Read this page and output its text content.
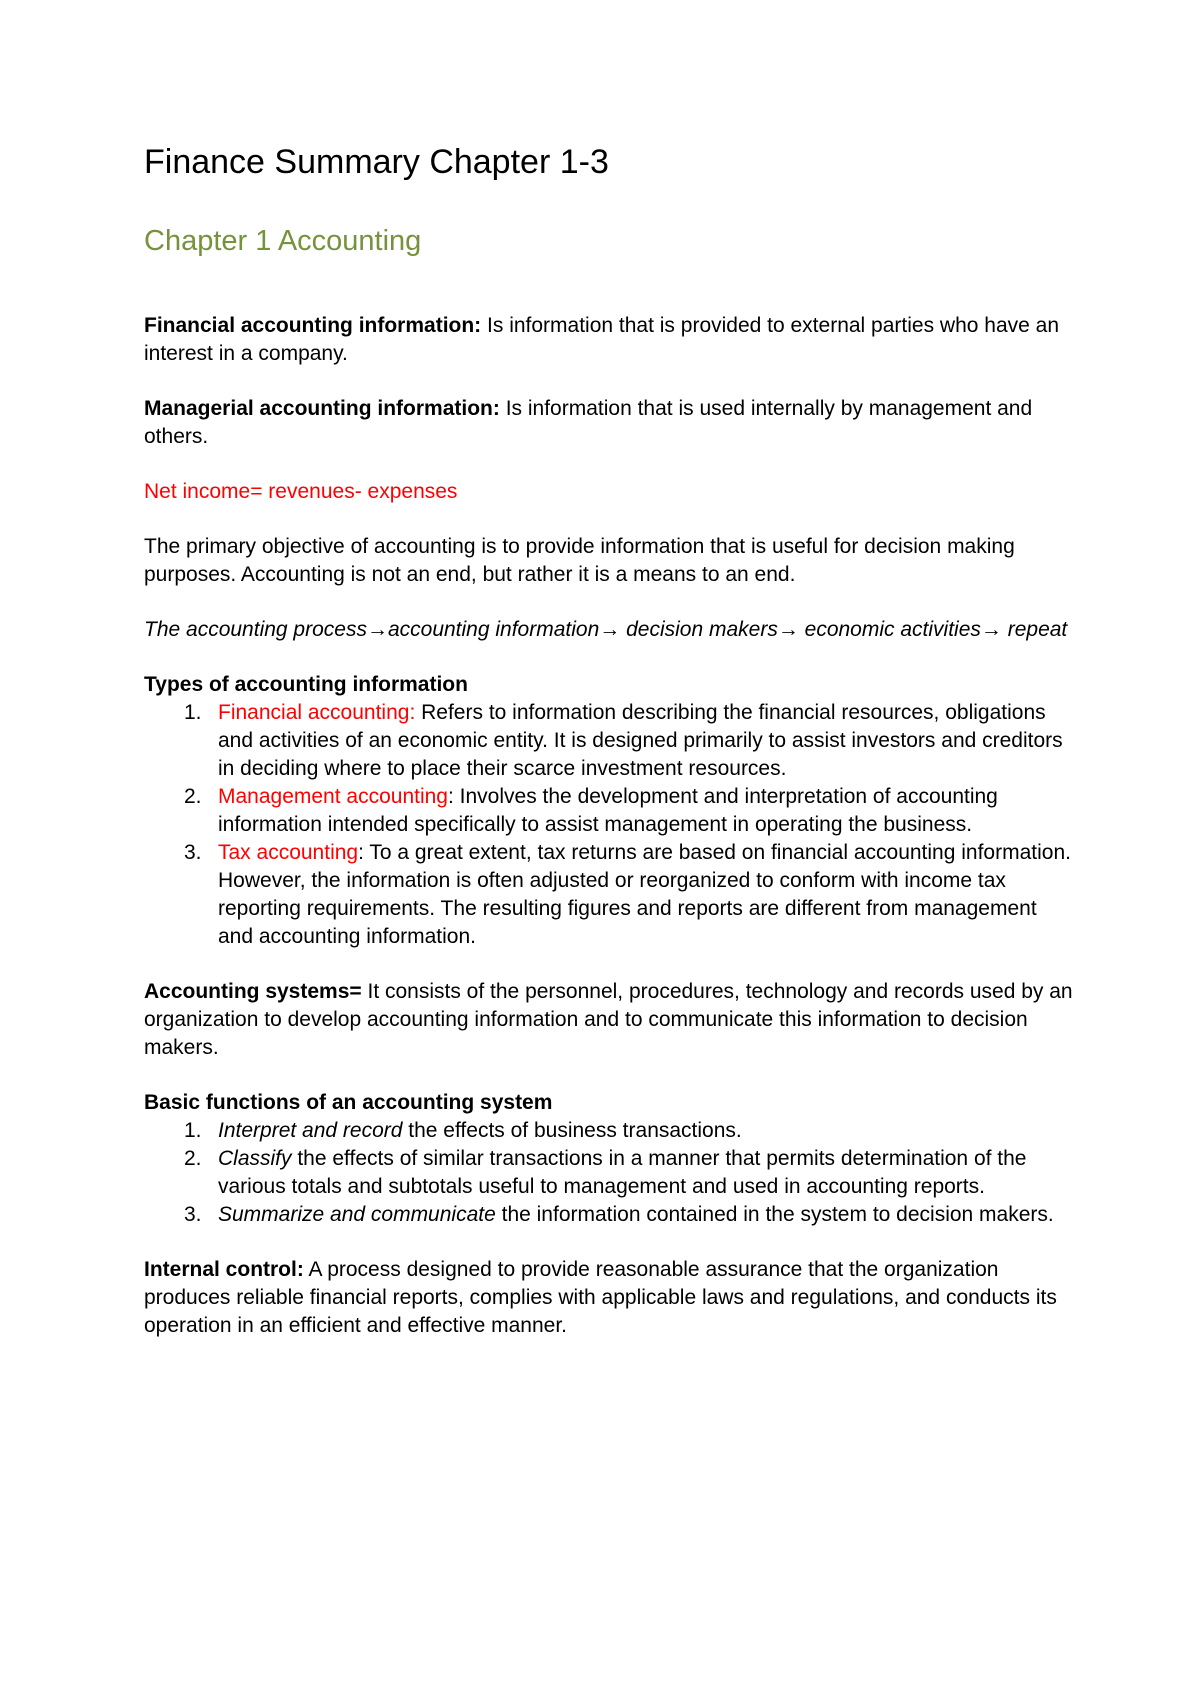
Finance Summary Chapter 1-3
Chapter 1 Accounting

Financial accounting information: Is information that is provided to external parties who have an interest in a company.

Managerial accounting information: Is information that is used internally by management and others.

Net income= revenues- expenses

The primary objective of accounting is to provide information that is useful for decision making purposes. Accounting is not an end, but rather it is a means to an end.

The accounting process→accounting information→ decision makers→ economic activities→ repeat

Types of accounting information

1. Financial accounting: Refers to information describing the financial resources, obligations and activities of an economic entity. It is designed primarily to assist investors and creditors in deciding where to place their scarce investment resources.
2. Management accounting: Involves the development and interpretation of accounting information intended specifically to assist management in operating the business.
3. Tax accounting: To a great extent, tax returns are based on financial accounting information. However, the information is often adjusted or reorganized to conform with income tax reporting requirements. The resulting figures and reports are different from management and accounting information.

Accounting systems= It consists of the personnel, procedures, technology and records used by an organization to develop accounting information and to communicate this information to decision makers.

Basic functions of an accounting system

1. Interpret and record the effects of business transactions.
2. Classify the effects of similar transactions in a manner that permits determination of the various totals and subtotals useful to management and used in accounting reports.
3. Summarize and communicate the information contained in the system to decision makers.

Internal control: A process designed to provide reasonable assurance that the organization produces reliable financial reports, complies with applicable laws and regulations, and conducts its operation in an efficient and effective manner.
